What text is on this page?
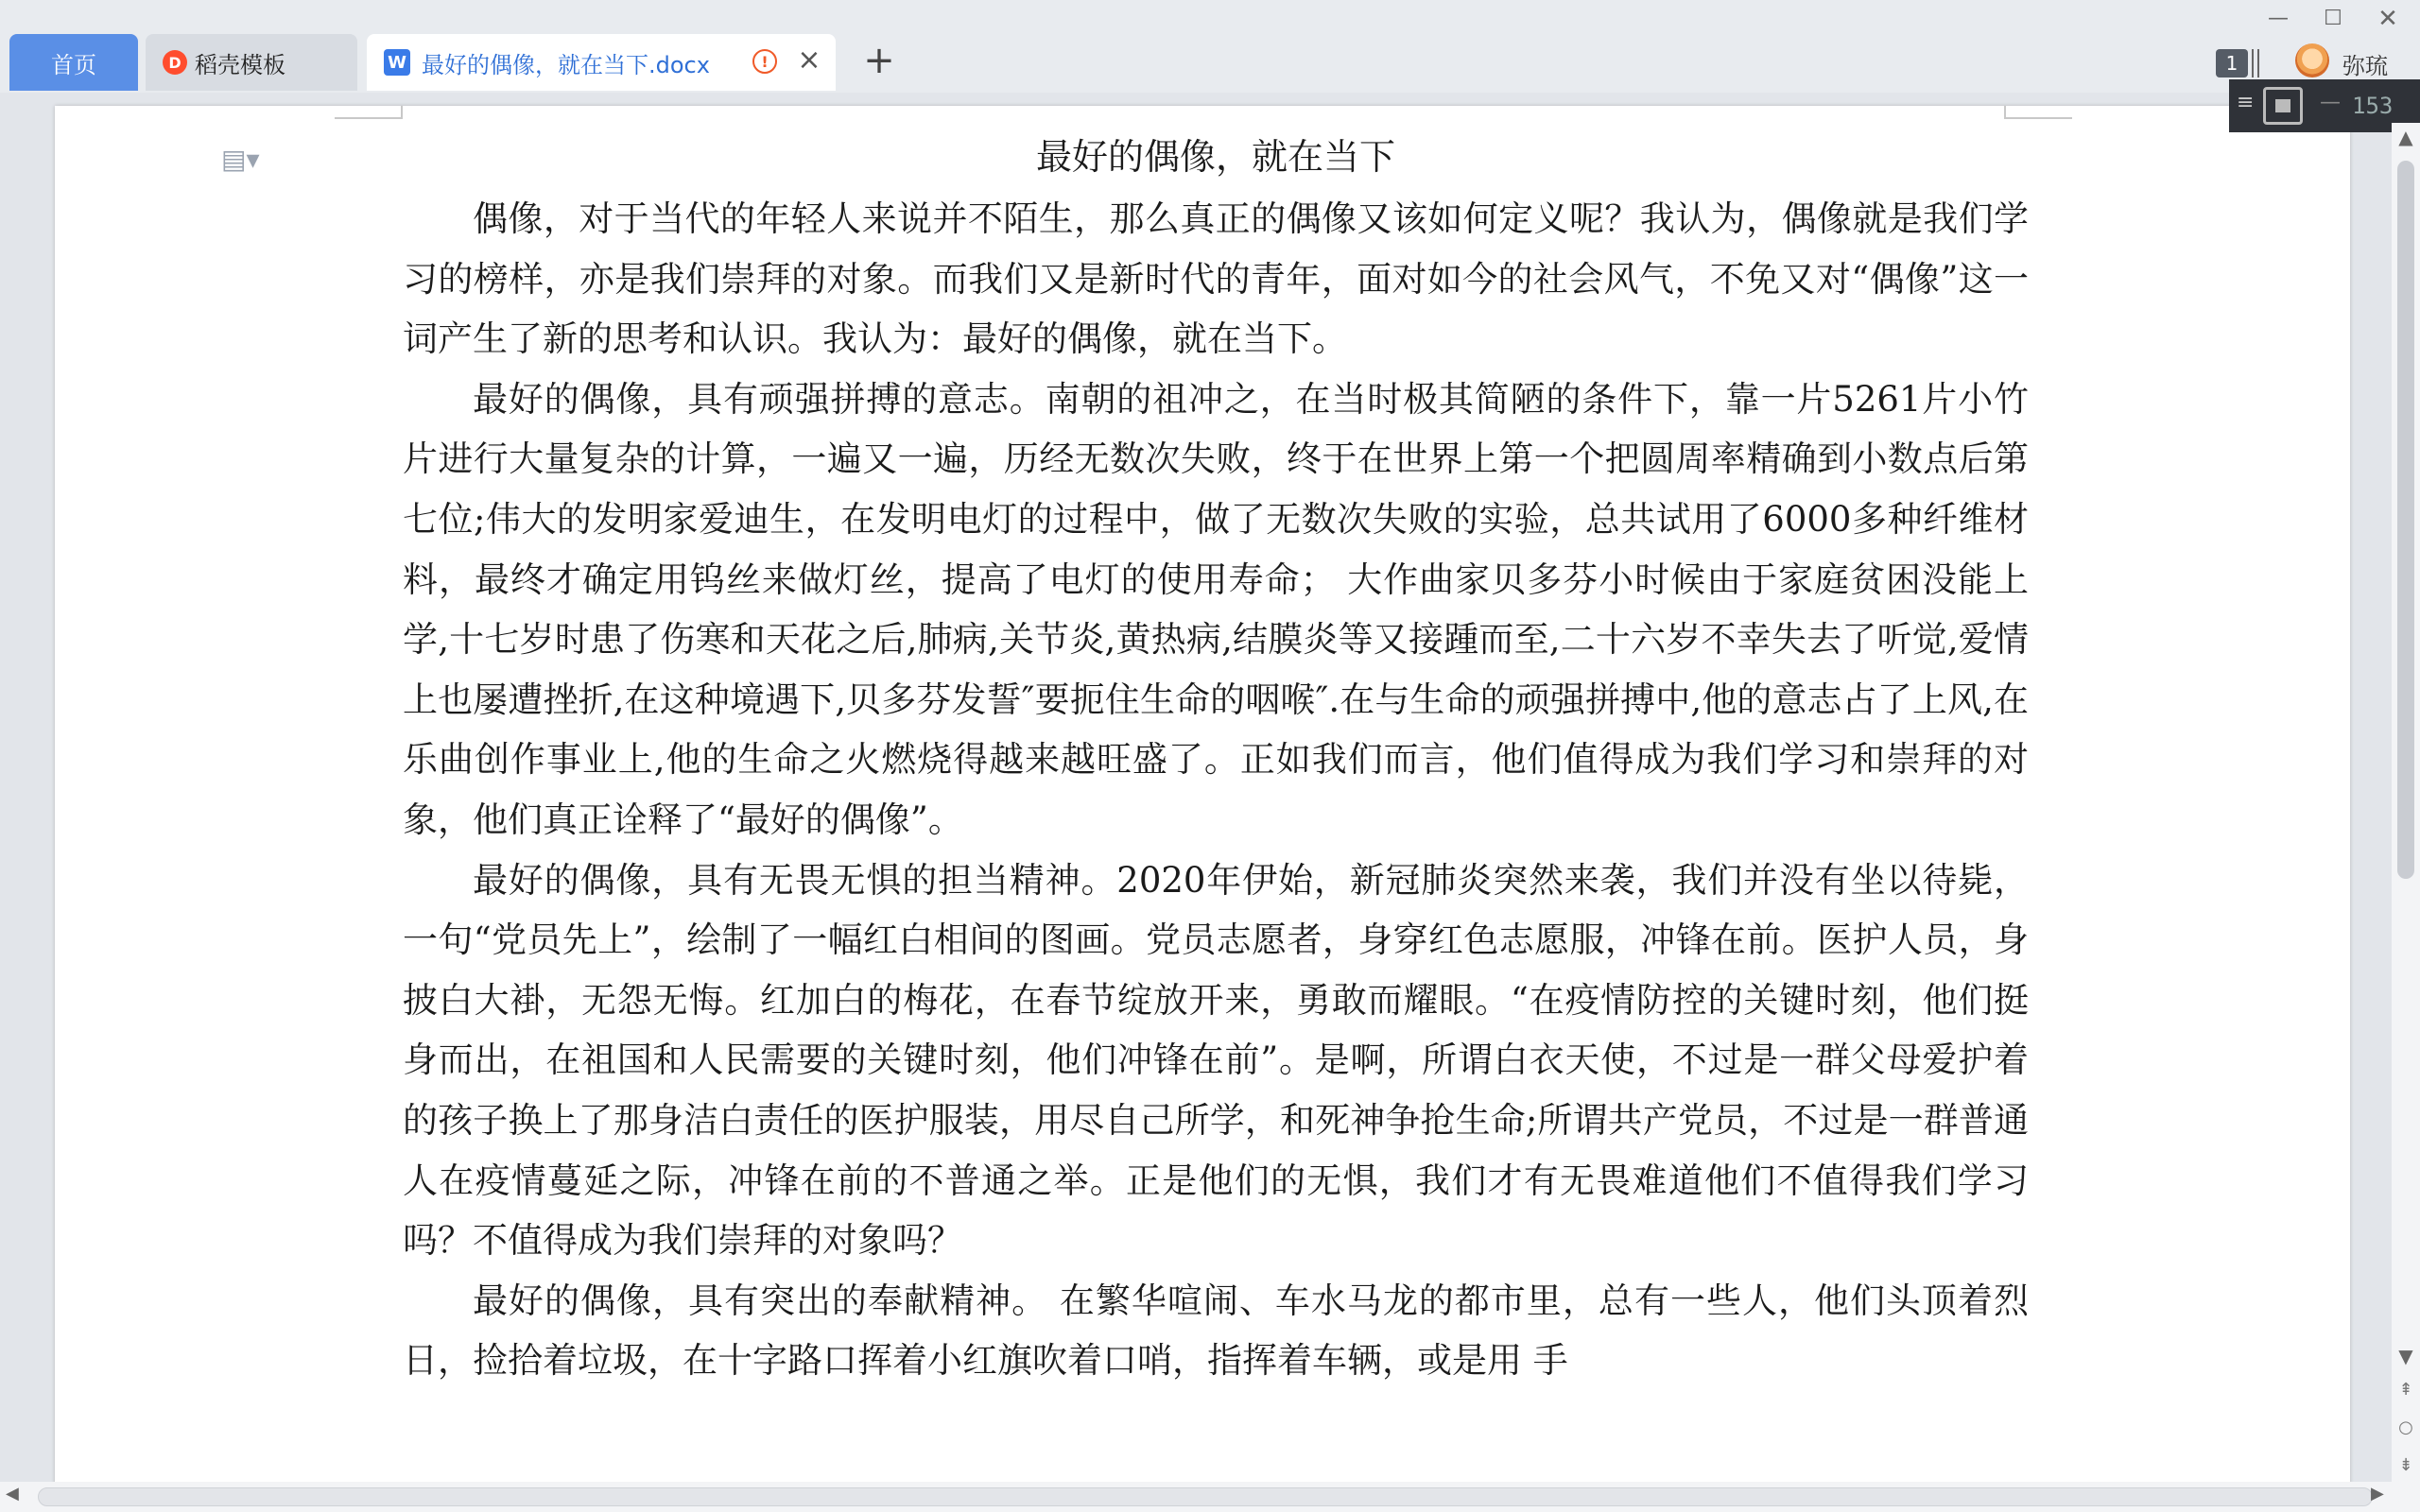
首页	D 稻壳模板	W 最好的偶像，就在当下.docx	!	× +
—	☐	✕
1	弥琉
▤▾	最好的偶像，就在当下

偶像，对于当代的年轻人来说并不陌生，那么真正的偶像又该如何定义呢？我认为，偶像就是我们学习的榜样，亦是我们崇拜的对象。而我们又是新时代的青年，面对如今的社会风气，不免又对“偶像”这一词产生了新的思考和认识。我认为：最好的偶像，就在当下。

最好的偶像，具有顽强拼搏的意志。南朝的祖冲之，在当时极其简陋的条件下，靠一片5261片小竹片进行大量复杂的计算，一遍又一遍，历经无数次失败，终于在世界上第一个把圆周率精确到小数点后第七位;伟大的发明家爱迪生，在发明电灯的过程中，做了无数次失败的实验，总共试用了6000多种纤维材料，最终才确定用钨丝来做灯丝，提高了电灯的使用寿命； 大作曲家贝多芬小时候由于家庭贫困没能上学,十七岁时患了伤寒和天花之后,肺病,关节炎,黄热病,结膜炎等又接踵而至,二十六岁不幸失去了听觉,爱情上也屡遭挫折,在这种境遇下,贝多芬发誓″要扼住生命的咽喉″.在与生命的顽强拼搏中,他的意志占了上风,在乐曲创作事业上,他的生命之火燃烧得越来越旺盛了。正如我们而言，他们值得成为我们学习和崇拜的对象，他们真正诠释了“最好的偶像”。

最好的偶像，具有无畏无惧的担当精神。2020年伊始，新冠肺炎突然来袭，我们并没有坐以待毙，一句“党员先上”，绘制了一幅红白相间的图画。党员志愿者，身穿红色志愿服，冲锋在前。医护人员，身披白大褂，无怨无悔。红加白的梅花，在春节绽放开来，勇敢而耀眼。“在疫情防控的关键时刻，他们挺身而出，在祖国和人民需要的关键时刻，他们冲锋在前”。是啊，所谓白衣天使，不过是一群父母爱护着的孩子换上了那身洁白责任的医护服装，用尽自己所学，和死神争抢生命;所谓共产党员，不过是一群普通人在疫情蔓延之际，冲锋在前的不普通之举。正是他们的无惧，我们才有无畏难道他们不值得我们学习吗？不值得成为我们崇拜的对象吗？

最好的偶像，具有突出的奉献精神。 在繁华喧闹、车水马龙的都市里，总有一些人，他们头顶着烈日，捡拾着垃圾，在十字路口挥着小红旗吹着口哨，指挥着车辆，或是用 手

≡	— 153
▲
▼
⇞
○
⇟
◀	▶
